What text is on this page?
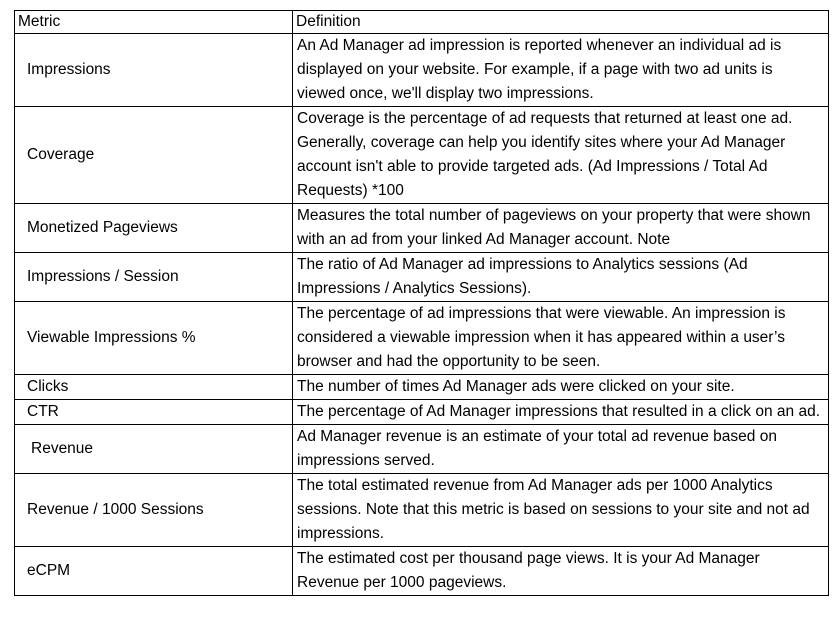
Metric	Definition
Impressions	An Ad Manager ad impression is reported whenever an individual ad is displayed on your website. For example, if a page with two ad units is viewed once, we'll display two impressions.
Coverage	Coverage is the percentage of ad requests that returned at least one ad. Generally, coverage can help you identify sites where your Ad Manager account isn't able to provide targeted ads. (Ad Impressions / Total Ad Requests) *100
Monetized Pageviews	Measures the total number of pageviews on your property that were shown with an ad from your linked Ad Manager account. Note
Impressions / Session	The ratio of Ad Manager ad impressions to Analytics sessions (Ad Impressions / Analytics Sessions).
Viewable Impressions %	The percentage of ad impressions that were viewable. An impression is considered a viewable impression when it has appeared within a user’s browser and had the opportunity to be seen.
Clicks	The number of times Ad Manager ads were clicked on your site.
CTR	The percentage of Ad Manager impressions that resulted in a click on an ad.
Revenue	Ad Manager revenue is an estimate of your total ad revenue based on impressions served.
Revenue / 1000 Sessions	The total estimated revenue from Ad Manager ads per 1000 Analytics sessions. Note that this metric is based on sessions to your site and not ad impressions.
eCPM	The estimated cost per thousand page views. It is your Ad Manager Revenue per 1000 pageviews.
